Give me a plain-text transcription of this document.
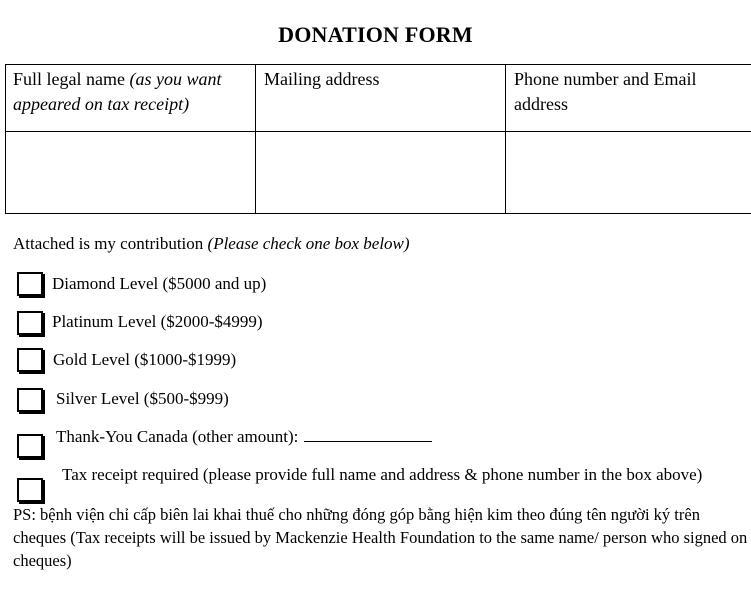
DONATION FORM
Full legal name (as you want appeared on tax receipt)
Mailing address	Phone number and Email address
Attached is my contribution (Please check one box below)
Diamond Level ($5000 and up)
Platinum Level ($2000-$4999)
Gold Level ($1000-$1999)
Silver Level ($500-$999)
Thank-You Canada (other amount):
Tax receipt required (please provide full name and address & phone number in the box above)
PS: bệnh viện chỉ cấp biên lai khai thuế cho những đóng góp bằng hiện kim theo đúng tên người ký trên cheques (Tax receipts will be issued by Mackenzie Health Foundation to the same name/ person who signed on cheques)
